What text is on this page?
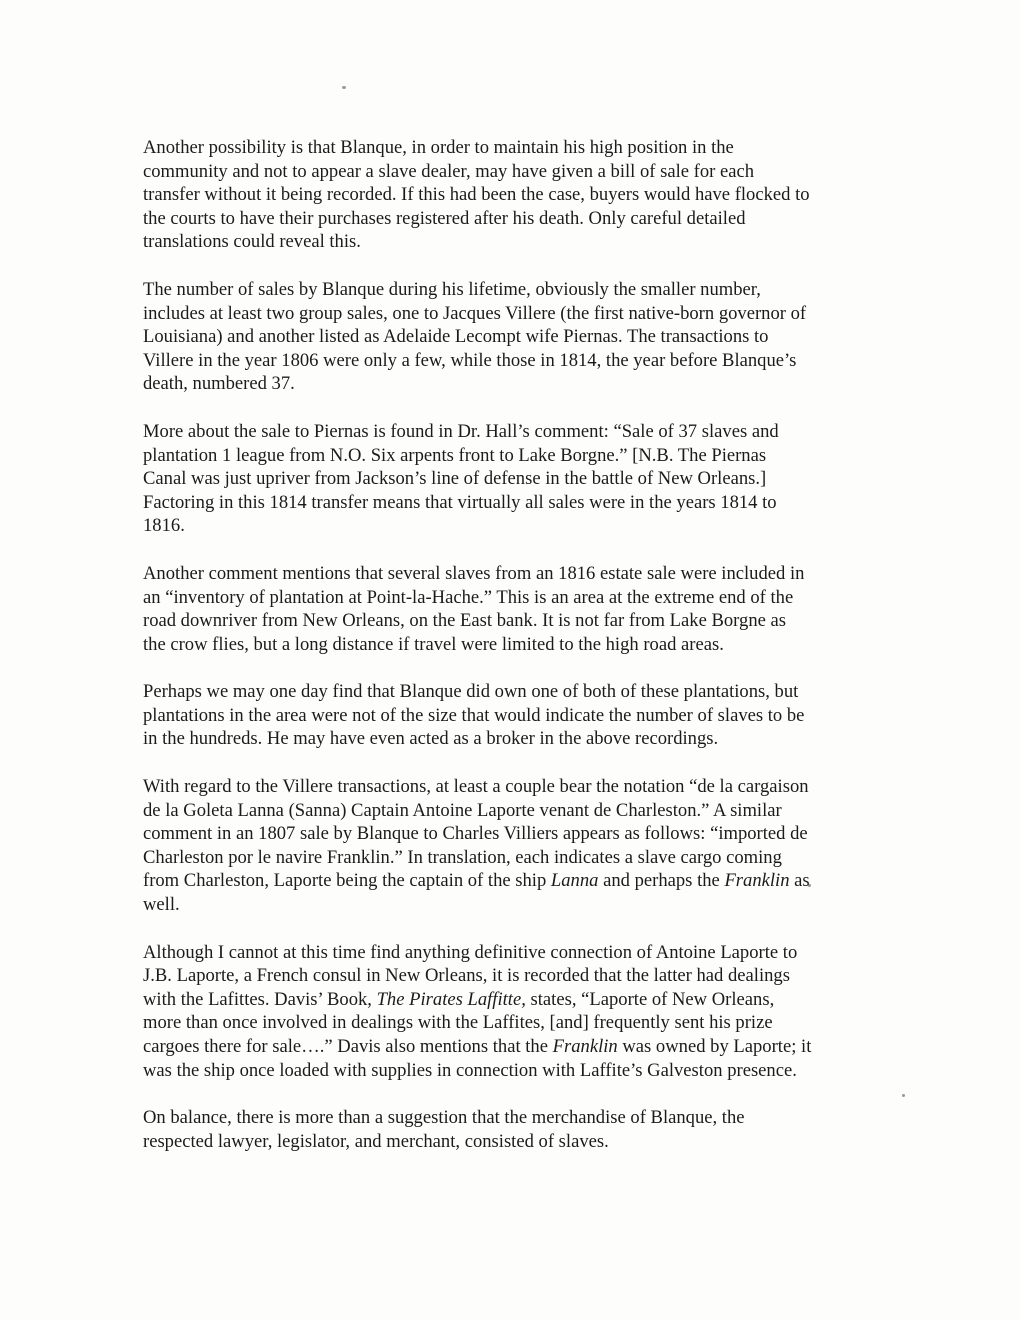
Another possibility is that Blanque, in order to maintain his high position in the
community and not to appear a slave dealer, may have given a bill of sale for each
transfer without it being recorded. If this had been the case, buyers would have flocked to
the courts to have their purchases registered after his death. Only careful detailed
translations could reveal this.

The number of sales by Blanque during his lifetime, obviously the smaller number,
includes at least two group sales, one to Jacques Villere (the first native-born governor of
Louisiana) and another listed as Adelaide Lecompt wife Piernas. The transactions to
Villere in the year 1806 were only a few, while those in 1814, the year before Blanque’s
death, numbered 37.

More about the sale to Piernas is found in Dr. Hall’s comment: “Sale of 37 slaves and
plantation 1 league from N.O. Six arpents front to Lake Borgne.” [N.B. The Piernas
Canal was just upriver from Jackson’s line of defense in the battle of New Orleans.]
Factoring in this 1814 transfer means that virtually all sales were in the years 1814 to
1816.

Another comment mentions that several slaves from an 1816 estate sale were included in
an “inventory of plantation at Point-la-Hache.” This is an area at the extreme end of the
road downriver from New Orleans, on the East bank. It is not far from Lake Borgne as
the crow flies, but a long distance if travel were limited to the high road areas.

Perhaps we may one day find that Blanque did own one of both of these plantations, but
plantations in the area were not of the size that would indicate the number of slaves to be
in the hundreds. He may have even acted as a broker in the above recordings.

With regard to the Villere transactions, at least a couple bear the notation “de la cargaison
de la Goleta Lanna (Sanna) Captain Antoine Laporte venant de Charleston.” A similar
comment in an 1807 sale by Blanque to Charles Villiers appears as follows: “imported de
Charleston por le navire Franklin.” In translation, each indicates a slave cargo coming
from Charleston, Laporte being the captain of the ship Lanna and perhaps the Franklin as
well.

Although I cannot at this time find anything definitive connection of Antoine Laporte to
J.B. Laporte, a French consul in New Orleans, it is recorded that the latter had dealings
with the Lafittes. Davis’ Book, The Pirates Laffitte, states, “Laporte of New Orleans,
more than once involved in dealings with the Laffites, [and] frequently sent his prize
cargoes there for sale….” Davis also mentions that the Franklin was owned by Laporte; it
was the ship once loaded with supplies in connection with Laffite’s Galveston presence.

On balance, there is more than a suggestion that the merchandise of Blanque, the
respected lawyer, legislator, and merchant, consisted of slaves.
